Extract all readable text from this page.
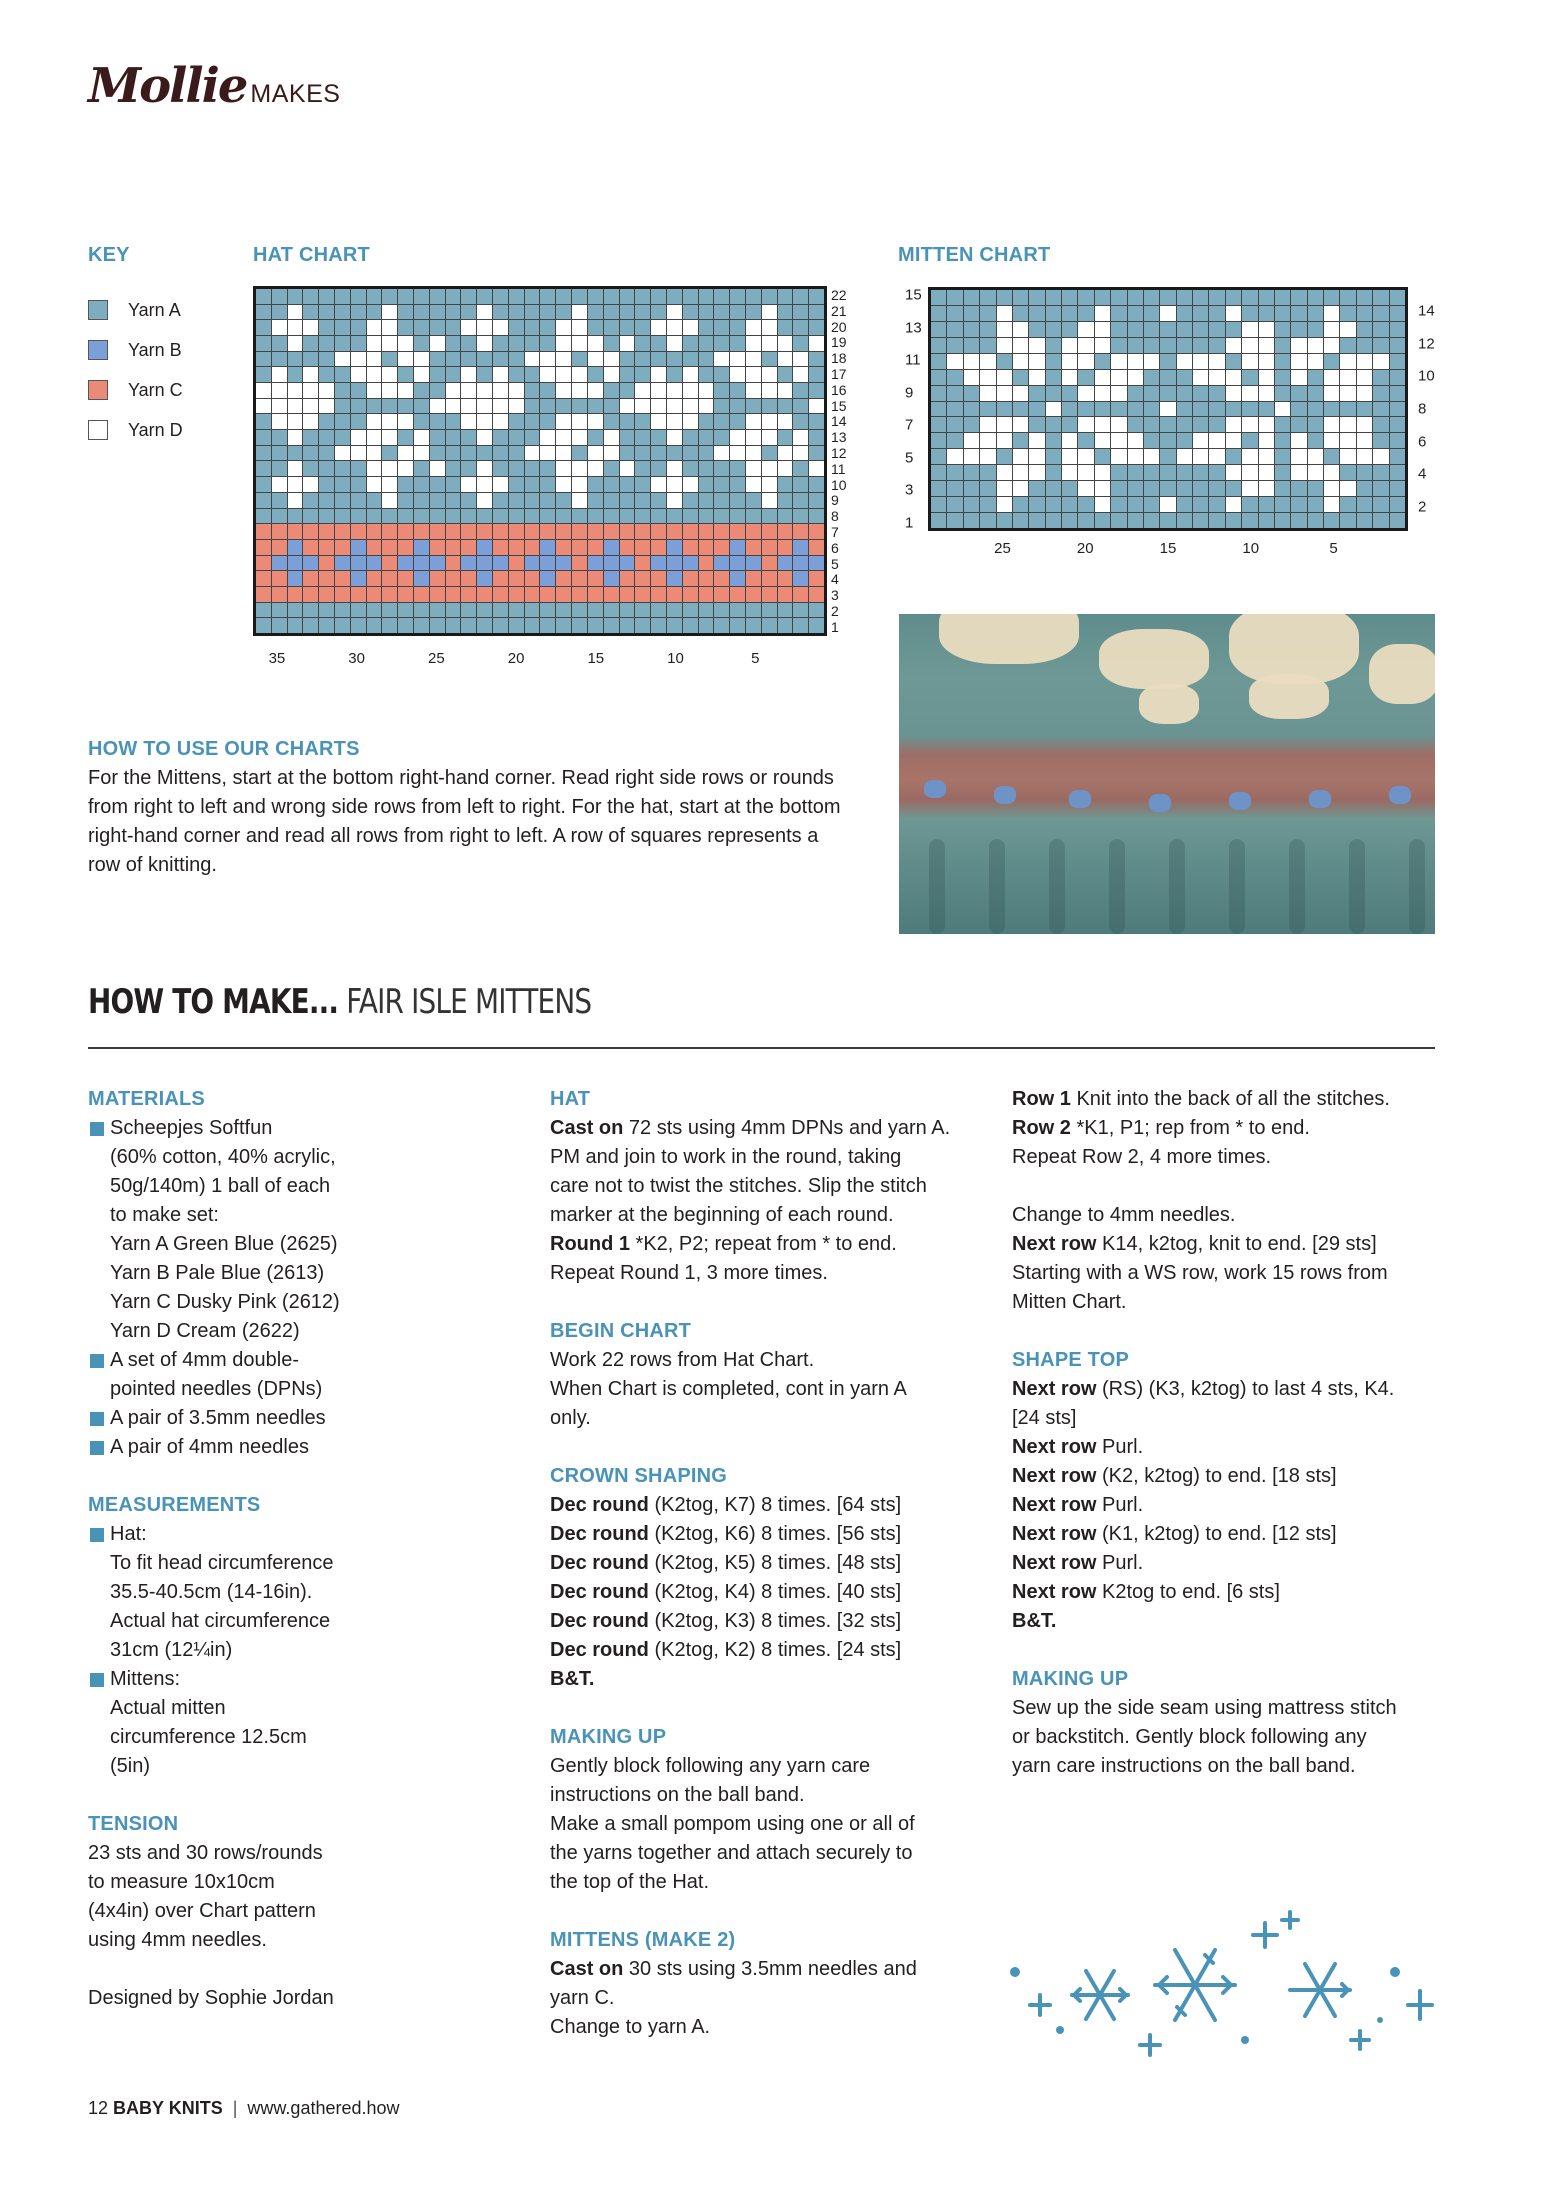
Mollie MAKES
KEY
Yarn A
Yarn B
Yarn C
Yarn D
HAT CHART
22
21
20
19
18
17
16
15
14
13
12
11
10
9
8
7
6
5
4
3
2
1
35	30	25	20	15	10	5
MITTEN CHART
15
13
11
9
7
5
3
1
14
12
10
8
6
4
2
25	20	15	10	5
HOW TO USE OUR CHARTS

For the Mittens, start at the bottom right-hand corner. Read right side rows or rounds from right to left and wrong side rows from left to right. For the hat, start at the bottom right-hand corner and read all rows from right to left. A row of squares represents a row of knitting.

HOW TO MAKE... FAIR ISLE MITTENS
MATERIALS
Scheepjes Softfun
(60% cotton, 40% acrylic,
50g/140m) 1 ball of each
to make set:
Yarn A Green Blue (2625)
Yarn B Pale Blue (2613)
Yarn C Dusky Pink (2612)
Yarn D Cream (2622)
A set of 4mm double-
pointed needles (DPNs)
A pair of 3.5mm needles
A pair of 4mm needles
MEASUREMENTS
Hat:
To fit head circumference
35.5-40.5cm (14-16in).
Actual hat circumference
31cm (12¼in)
Mittens:
Actual mitten
circumference 12.5cm
(5in)
TENSION
23 sts and 30 rows/rounds
to measure 10x10cm
(4x4in) over Chart pattern
using 4mm needles.
Designed by Sophie Jordan
HAT
Cast on 72 sts using 4mm DPNs and yarn A.
PM and join to work in the round, taking
care not to twist the stitches. Slip the stitch
marker at the beginning of each round.
Round 1 *K2, P2; repeat from * to end.
Repeat Round 1, 3 more times.
BEGIN CHART
Work 22 rows from Hat Chart.
When Chart is completed, cont in yarn A
only.
CROWN SHAPING
Dec round (K2tog, K7) 8 times. [64 sts]
Dec round (K2tog, K6) 8 times. [56 sts]
Dec round (K2tog, K5) 8 times. [48 sts]
Dec round (K2tog, K4) 8 times. [40 sts]
Dec round (K2tog, K3) 8 times. [32 sts]
Dec round (K2tog, K2) 8 times. [24 sts]
B&T.
MAKING UP
Gently block following any yarn care
instructions on the ball band.
Make a small pompom using one or all of
the yarns together and attach securely to
the top of the Hat.
MITTENS (MAKE 2)
Cast on 30 sts using 3.5mm needles and
yarn C.
Change to yarn A.
Row 1 Knit into the back of all the stitches.
Row 2 *K1, P1; rep from * to end.
Repeat Row 2, 4 more times.
Change to 4mm needles.
Next row K14, k2tog, knit to end. [29 sts]
Starting with a WS row, work 15 rows from
Mitten Chart.
SHAPE TOP
Next row (RS) (K3, k2tog) to last 4 sts, K4.
[24 sts]
Next row Purl.
Next row (K2, k2tog) to end. [18 sts]
Next row Purl.
Next row (K1, k2tog) to end. [12 sts]
Next row Purl.
Next row K2tog to end. [6 sts]
B&T.
MAKING UP
Sew up the side seam using mattress stitch
or backstitch. Gently block following any
yarn care instructions on the ball band.
12
BABY KNITS | www.gathered.how
